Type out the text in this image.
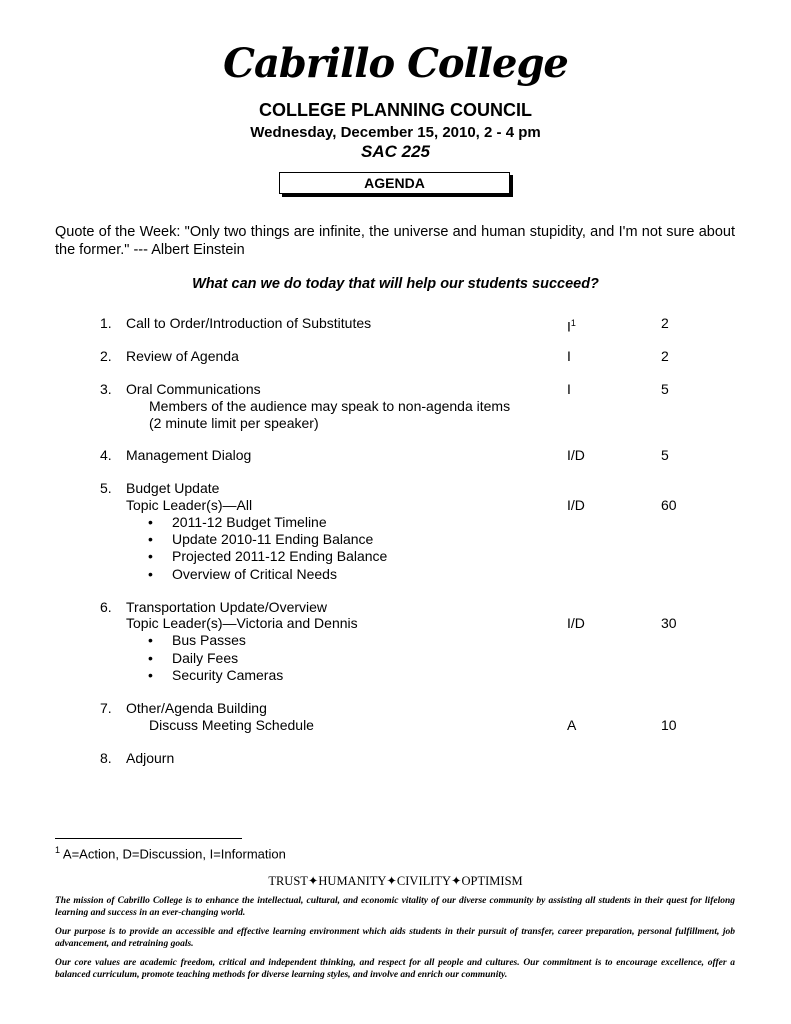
Cabrillo College
COLLEGE PLANNING COUNCIL
Wednesday, December 15, 2010, 2 - 4 pm
SAC 225
AGENDA
Quote of the Week: "Only two things are infinite, the universe and human stupidity, and I'm not sure about the former." --- Albert Einstein
What can we do today that will help our students succeed?
1.	Call to Order/Introduction of Substitutes	$I^1$	2
2.	Review of Agenda	I	2
3.	Oral Communications	I	5
Members of the audience may speak to non-agenda items
(2 minute limit per speaker)
4.	Management Dialog	I/D	5
5.	Budget Update
Topic Leader(s)—All	I/D	60
• 2011-12 Budget Timeline
• Update 2010-11 Ending Balance
• Projected 2011-12 Ending Balance
• Overview of Critical Needs
6.	Transportation Update/Overview
Topic Leader(s)—Victoria and Dennis	I/D	30
• Bus Passes
• Daily Fees
• Security Cameras
7.	Other/Agenda Building
Discuss Meeting Schedule	A	10
8.	Adjourn
$^1$ A=Action, D=Discussion, I=Information
TRUST✦HUMANITY✦CIVILITY✦OPTIMISM
The mission of Cabrillo College is to enhance the intellectual, cultural, and economic vitality of our diverse community by assisting all students in their quest for lifelong learning and success in an ever-changing world.
Our purpose is to provide an accessible and effective learning environment which aids students in their pursuit of transfer, career preparation, personal fulfillment, job advancement, and retraining goals.
Our core values are academic freedom, critical and independent thinking, and respect for all people and cultures. Our commitment is to encourage excellence, offer a balanced curriculum, promote teaching methods for diverse learning styles, and involve and enrich our community.
